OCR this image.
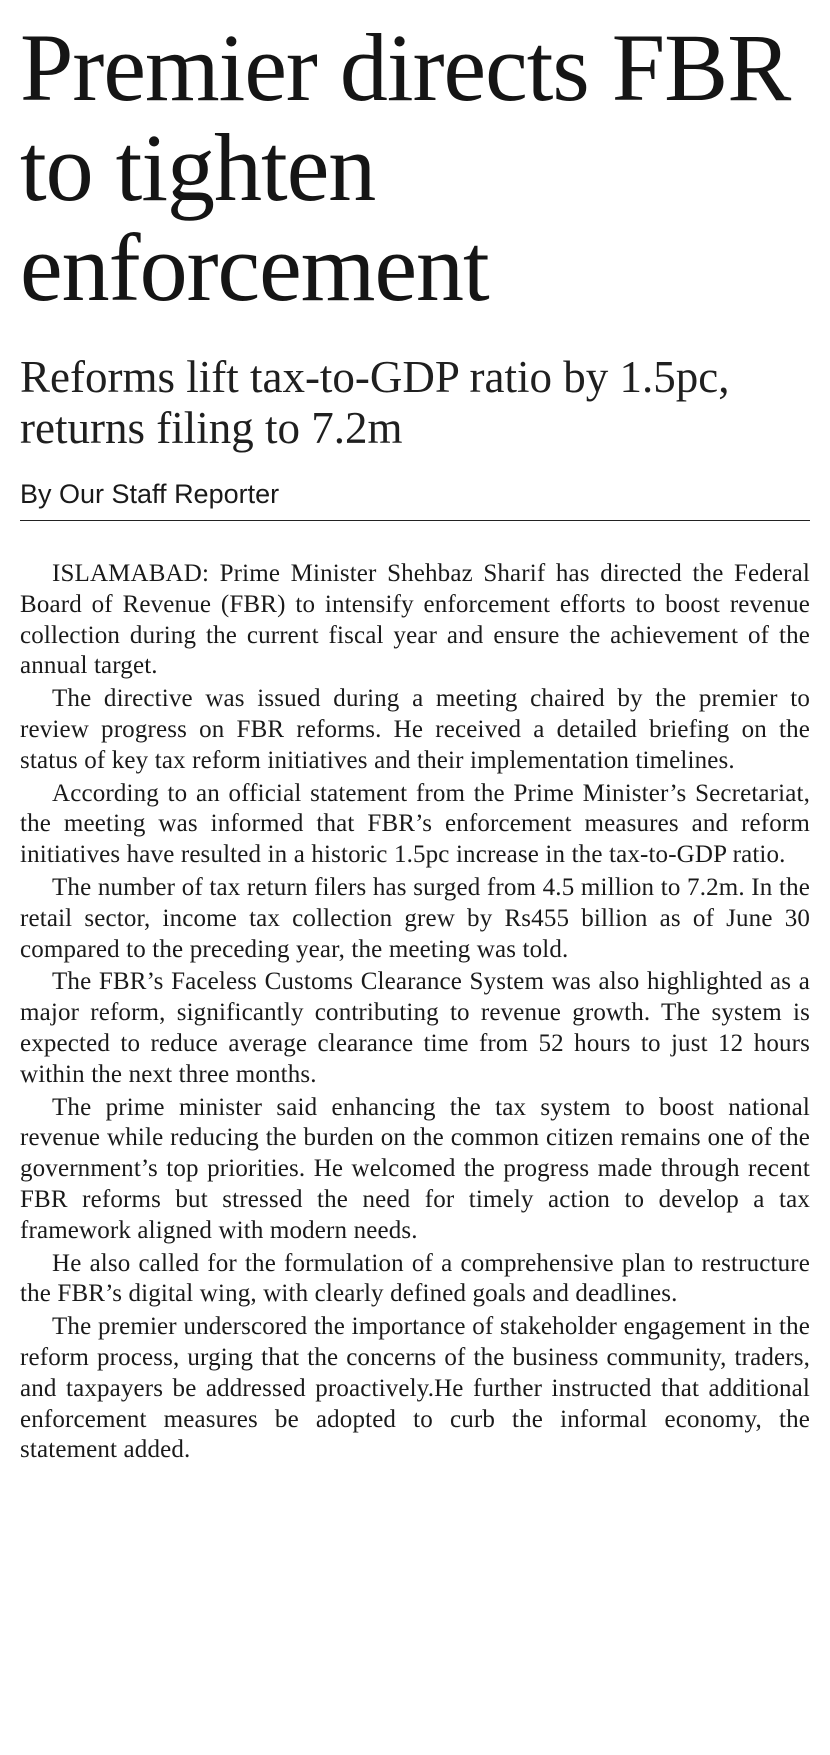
Premier directs FBR to tighten enforcement
Reforms lift tax-to-GDP ratio by 1.5pc, returns filing to 7.2m
By Our Staff Reporter

ISLAMABAD: Prime Minister Shehbaz Sharif has directed the Federal Board of Revenue (FBR) to intensify enforcement efforts to boost revenue collection during the current fiscal year and ensure the achievement of the annual target.

The directive was issued during a meeting chaired by the premier to review progress on FBR reforms. He received a detailed briefing on the status of key tax reform initiatives and their implementation timelines.

According to an official statement from the Prime Minister’s Secretariat, the meeting was informed that FBR’s enforcement measures and reform initiatives have resulted in a historic 1.5pc increase in the tax-to-GDP ratio.

The number of tax return filers has surged from 4.5 million to 7.2m. In the retail sector, income tax collection grew by Rs455 billion as of June 30 compared to the preceding year, the meeting was told.

The FBR’s Faceless Customs Clearance System was also highlighted as a major reform, significantly contributing to revenue growth. The system is expected to reduce average clearance time from 52 hours to just 12 hours within the next three months.

The prime minister said enhancing the tax system to boost national revenue while reducing the burden on the common citizen remains one of the government’s top priorities. He welcomed the progress made through recent FBR reforms but stressed the need for timely action to develop a tax framework aligned with modern needs.

He also called for the formulation of a comprehensive plan to restructure the FBR’s digital wing, with clearly defined goals and deadlines.

The premier underscored the importance of stakeholder engagement in the reform process, urging that the concerns of the business community, traders, and taxpayers be addressed proactively.He further instructed that additional enforcement measures be adopted to curb the informal economy, the statement added.
